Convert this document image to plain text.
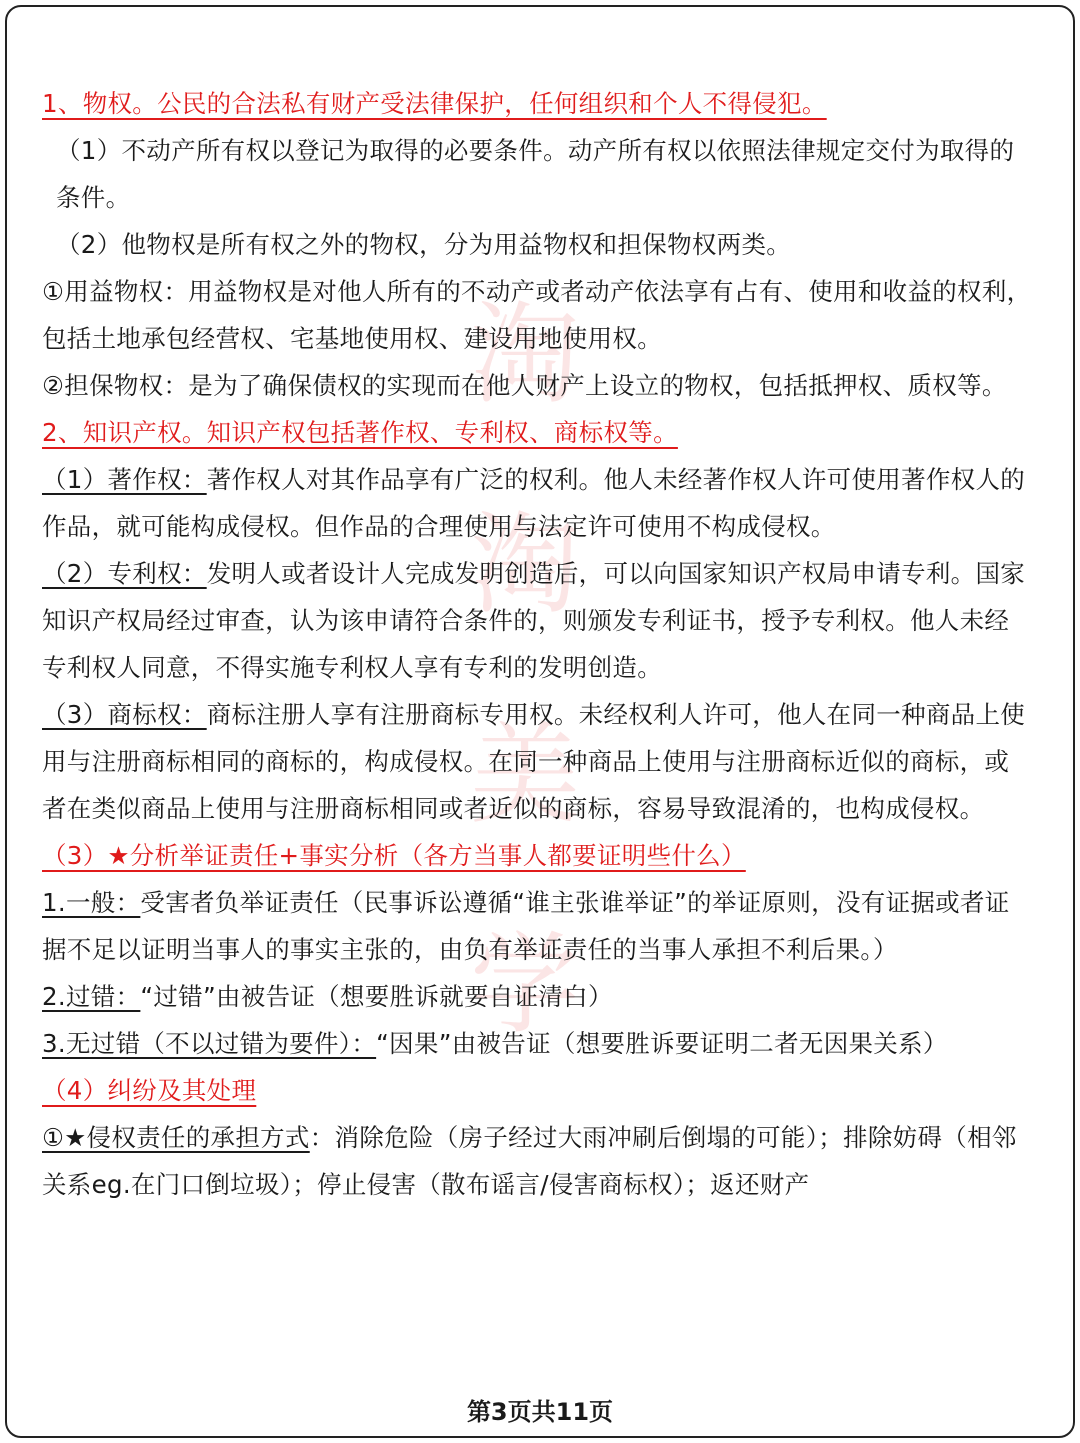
淘
淘
美
学

1、物权。公民的合法私有财产受法律保护，任何组织和个人不得侵犯。

（1）不动产所有权以登记为取得的必要条件。动产所有权以依照法律规定交付为取得的条件。

（2）他物权是所有权之外的物权，分为用益物权和担保物权两类。

①用益物权：用益物权是对他人所有的不动产或者动产依法享有占有、使用和收益的权利，包括土地承包经营权、宅基地使用权、建设用地使用权。

②担保物权：是为了确保债权的实现而在他人财产上设立的物权，包括抵押权、质权等。

2、知识产权。知识产权包括著作权、专利权、商标权等。

（1）著作权：著作权人对其作品享有广泛的权利。他人未经著作权人许可使用著作权人的作品，就可能构成侵权。但作品的合理使用与法定许可使用不构成侵权。

（2）专利权：发明人或者设计人完成发明创造后，可以向国家知识产权局申请专利。国家知识产权局经过审查，认为该申请符合条件的，则颁发专利证书，授予专利权。他人未经专利权人同意，不得实施专利权人享有专利的发明创造。

（3）商标权：商标注册人享有注册商标专用权。未经权利人许可，他人在同一种商品上使用与注册商标相同的商标的，构成侵权。在同一种商品上使用与注册商标近似的商标，或者在类似商品上使用与注册商标相同或者近似的商标，容易导致混淆的，也构成侵权。

（3）★分析举证责任+事实分析（各方当事人都要证明些什么）

1.一般：受害者负举证责任（民事诉讼遵循“谁主张谁举证”的举证原则，没有证据或者证据不足以证明当事人的事实主张的，由负有举证责任的当事人承担不利后果。）

2.过错：“过错”由被告证（想要胜诉就要自证清白）

3.无过错（不以过错为要件）：“因果”由被告证（想要胜诉要证明二者无因果关系）

（4）纠纷及其处理

①★侵权责任的承担方式：消除危险（房子经过大雨冲刷后倒塌的可能）；排除妨碍（相邻关系eg.在门口倒垃圾）；停止侵害（散布谣言/侵害商标权）；返还财产

第3页共11页
